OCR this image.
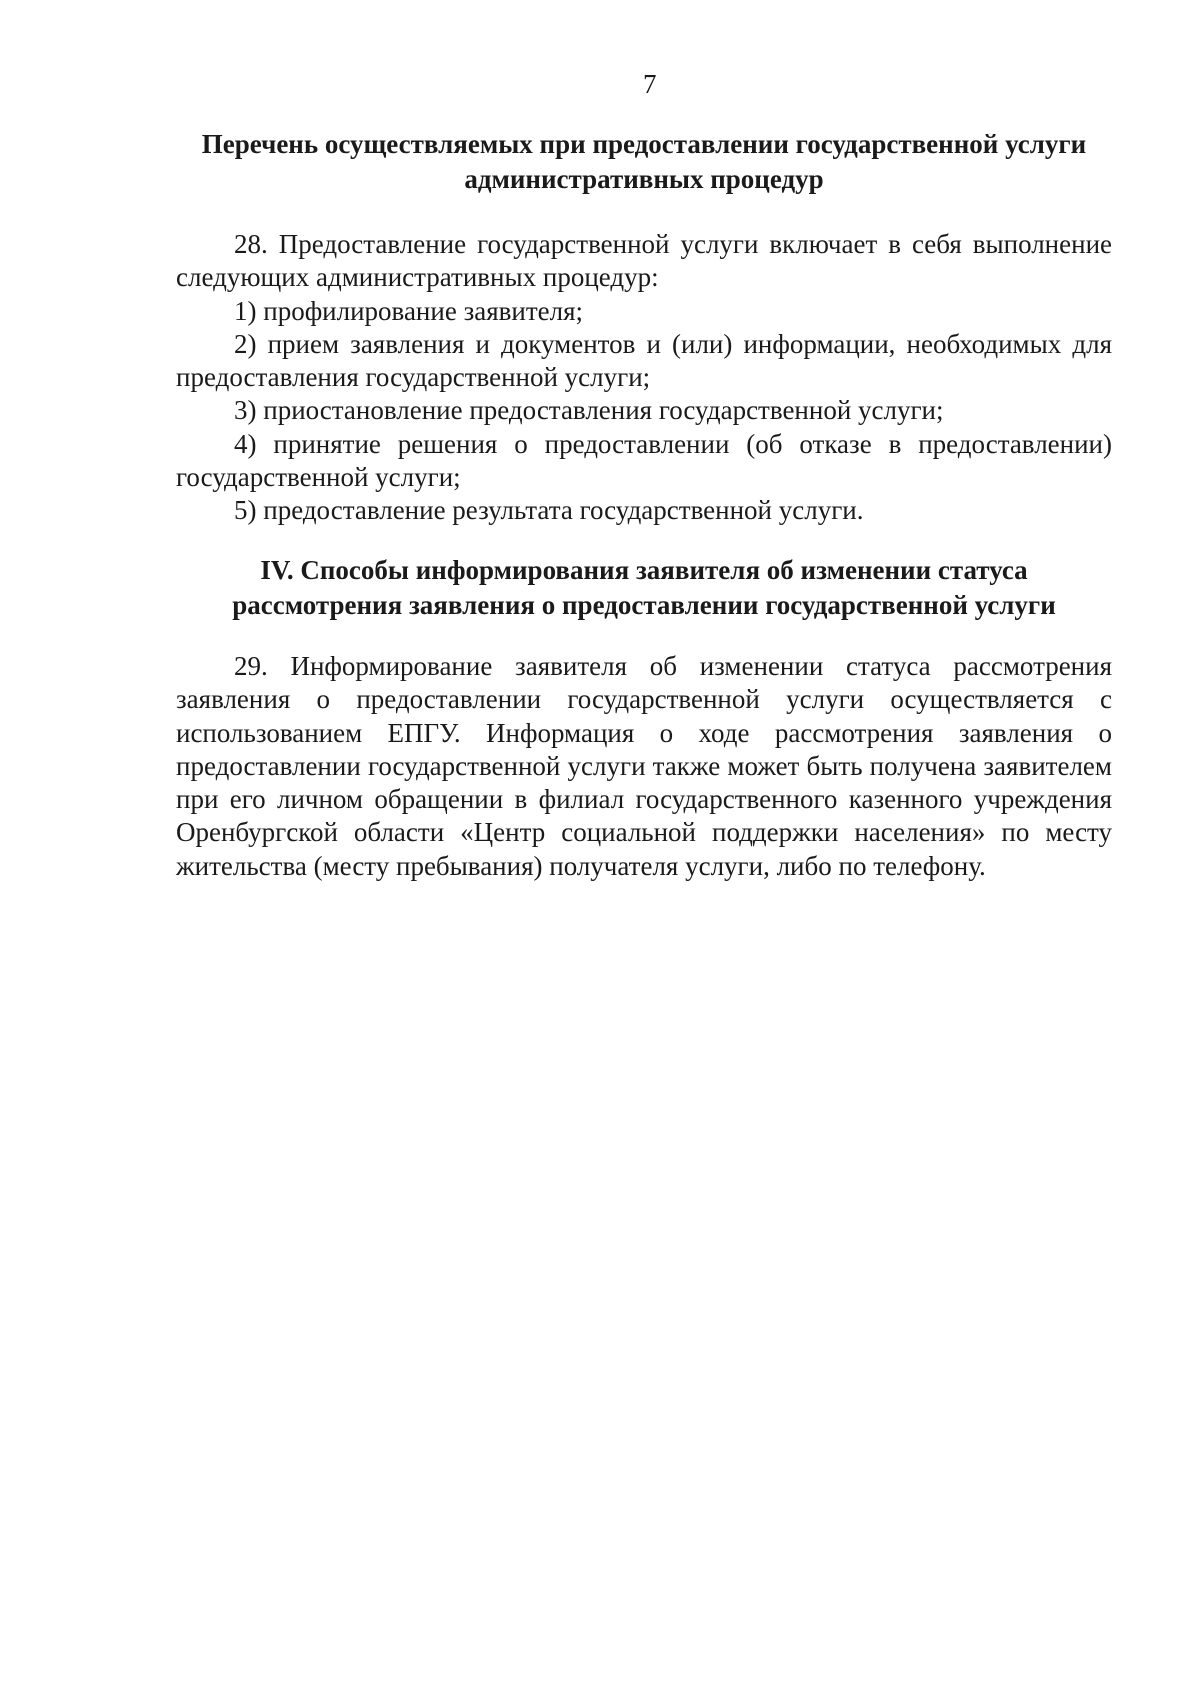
7

Перечень осуществляемых при предоставлении государственной услуги

административных процедур

28. Предоставление государственной услуги включает в себя выполнение следующих административных процедур:

1) профилирование заявителя;

2) прием заявления и документов и (или) информации, необходимых для предоставления государственной услуги;

3) приостановление предоставления государственной услуги;

4) принятие решения о предоставлении (об отказе в предоставлении) государственной услуги;

5) предоставление результата государственной услуги.

IV. Способы информирования заявителя об изменении статуса

рассмотрения заявления о предоставлении государственной услуги

29. Информирование заявителя об изменении статуса рассмотрения заявления о предоставлении государственной услуги осуществляется с использованием ЕПГУ. Информация о ходе рассмотрения заявления о предоставлении государственной услуги также может быть получена заявителем при его личном обращении в филиал государственного казенного учреждения Оренбургской области «Центр социальной поддержки населения» по месту жительства (месту пребывания) получателя услуги, либо по телефону.
